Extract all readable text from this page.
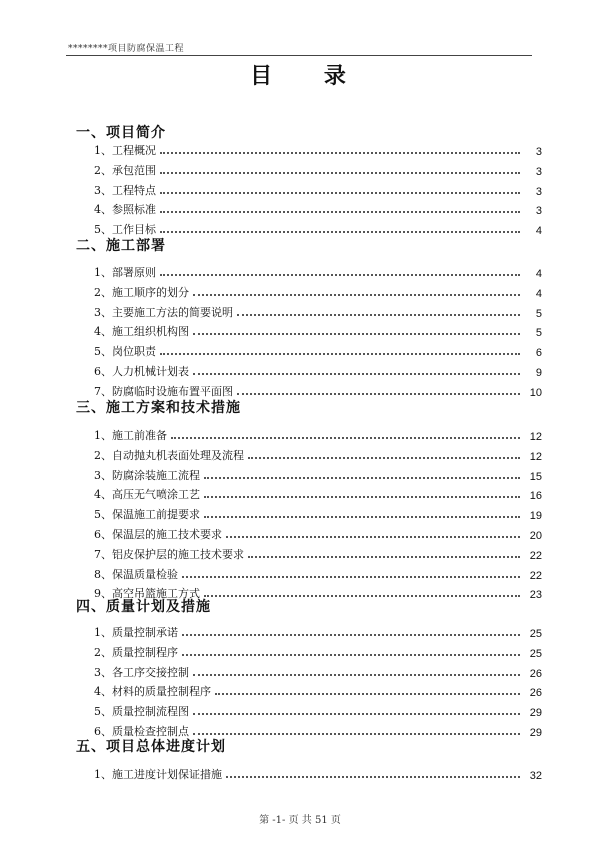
********项目防腐保温工程
目 录
一、项目简介
1、工程概况	3
2、承包范围	3
3、工程特点	3
4、参照标准	3
5、工作目标	4
二、施工部署
1、部署原则	4
2、施工顺序的划分	4
3、主要施工方法的简要说明	5
4、施工组织机构图	5
5、岗位职责	6
6、人力机械计划表	9
7、防腐临时设施布置平面图	10
三、施工方案和技术措施
1、施工前准备	12
2、自动抛丸机表面处理及流程	12
3、防腐涂装施工流程	15
4、高压无气喷涂工艺	16
5、保温施工前提要求	19
6、保温层的施工技术要求	20
7、铝皮保护层的施工技术要求	22
8、保温质量检验	22
9、高空吊篮施工方式	23
四、质量计划及措施
1、质量控制承诺	25
2、质量控制程序	25
3、各工序交接控制	26
4、材料的质量控制程序	26
5、质量控制流程图	29
6、质量检查控制点	29
五、项目总体进度计划
1、施工进度计划保证措施	32
第 -1- 页 共 51 页
